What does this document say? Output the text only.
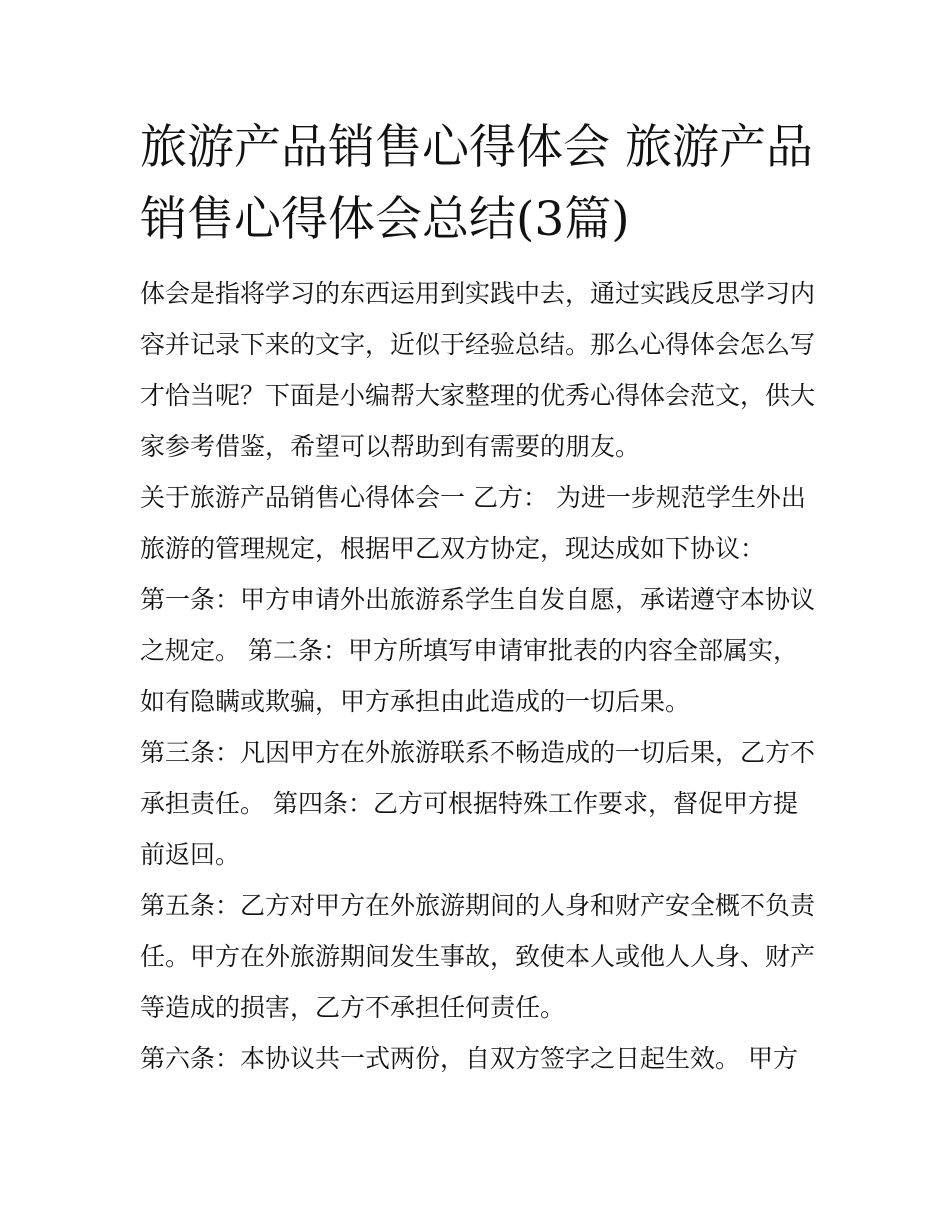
旅游产品销售心得体会 旅游产品销售心得体会总结(3篇)

体会是指将学习的东西运用到实践中去，通过实践反思学习内容并记录下来的文字，近似于经验总结。那么心得体会怎么写才恰当呢？下面是小编帮大家整理的优秀心得体会范文，供大家参考借鉴，希望可以帮助到有需要的朋友。

关于旅游产品销售心得体会一 乙方： 为进一步规范学生外出旅游的管理规定，根据甲乙双方协定，现达成如下协议：

第一条：甲方申请外出旅游系学生自发自愿，承诺遵守本协议之规定。 第二条：甲方所填写申请审批表的内容全部属实，如有隐瞒或欺骗，甲方承担由此造成的一切后果。

第三条：凡因甲方在外旅游联系不畅造成的一切后果，乙方不承担责任。 第四条：乙方可根据特殊工作要求，督促甲方提前返回。

第五条：乙方对甲方在外旅游期间的人身和财产安全概不负责任。甲方在外旅游期间发生事故，致使本人或他人人身、财产等造成的损害，乙方不承担任何责任。

第六条：本协议共一式两份，自双方签字之日起生效。 甲方
